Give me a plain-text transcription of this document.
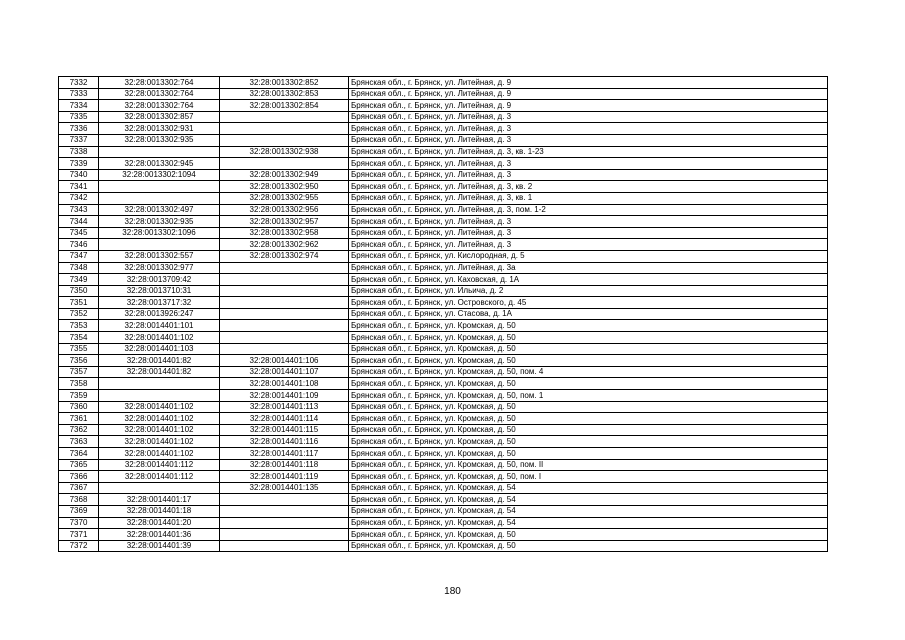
7332	32:28:0013302:764	32:28:0013302:852	Брянская обл., г. Брянск, ул. Литейная, д. 9
7333	32:28:0013302:764	32:28:0013302:853	Брянская обл., г. Брянск, ул. Литейная, д. 9
7334	32:28:0013302:764	32:28:0013302:854	Брянская обл., г. Брянск, ул. Литейная, д. 9
7335	32:28:0013302:857		Брянская обл., г. Брянск, ул. Литейная, д. 3
7336	32:28:0013302:931		Брянская обл., г. Брянск, ул. Литейная, д. 3
7337	32:28:0013302:935		Брянская обл., г. Брянск, ул. Литейная, д. 3
7338		32:28:0013302:938	Брянская обл., г. Брянск, ул. Литейная, д. 3, кв. 1-23
7339	32:28:0013302:945		Брянская обл., г. Брянск, ул. Литейная, д. 3
7340	32:28:0013302:1094	32:28:0013302:949	Брянская обл., г. Брянск, ул. Литейная, д. 3
7341		32:28:0013302:950	Брянская обл., г. Брянск, ул. Литейная, д. 3, кв. 2
7342		32:28:0013302:955	Брянская обл., г. Брянск, ул. Литейная, д. 3, кв. 1
7343	32:28:0013302:497	32:28:0013302:956	Брянская обл., г. Брянск, ул. Литейная, д. 3, пом. 1-2
7344	32:28:0013302:935	32:28:0013302:957	Брянская обл., г. Брянск, ул. Литейная, д. 3
7345	32:28:0013302:1096	32:28:0013302:958	Брянская обл., г. Брянск, ул. Литейная, д. 3
7346		32:28:0013302:962	Брянская обл., г. Брянск, ул. Литейная, д. 3
7347	32:28:0013302:557	32:28:0013302:974	Брянская обл., г. Брянск, ул. Кислородная, д. 5
7348	32:28:0013302:977		Брянская обл., г. Брянск, ул. Литейная, д. 3а
7349	32:28:0013709:42		Брянская обл., г. Брянск, ул. Каховская, д. 1А
7350	32:28:0013710:31		Брянская обл., г. Брянск, ул. Ильича, д. 2
7351	32:28:0013717:32		Брянская обл., г. Брянск, ул. Островского, д. 45
7352	32:28:0013926:247		Брянская обл., г. Брянск, ул. Стасова, д. 1А
7353	32:28:0014401:101		Брянская обл., г. Брянск, ул. Кромская, д. 50
7354	32:28:0014401:102		Брянская обл., г. Брянск, ул. Кромская, д. 50
7355	32:28:0014401:103		Брянская обл., г. Брянск, ул. Кромская, д. 50
7356	32:28:0014401:82	32:28:0014401:106	Брянская обл., г. Брянск, ул. Кромская, д. 50
7357	32:28:0014401:82	32:28:0014401:107	Брянская обл., г. Брянск, ул. Кромская, д. 50, пом. 4
7358		32:28:0014401:108	Брянская обл., г. Брянск, ул. Кромская, д. 50
7359		32:28:0014401:109	Брянская обл., г. Брянск, ул. Кромская, д. 50, пом. 1
7360	32:28:0014401:102	32:28:0014401:113	Брянская обл., г. Брянск, ул. Кромская, д. 50
7361	32:28:0014401:102	32:28:0014401:114	Брянская обл., г. Брянск, ул. Кромская, д. 50
7362	32:28:0014401:102	32:28:0014401:115	Брянская обл., г. Брянск, ул. Кромская, д. 50
7363	32:28:0014401:102	32:28:0014401:116	Брянская обл., г. Брянск, ул. Кромская, д. 50
7364	32:28:0014401:102	32:28:0014401:117	Брянская обл., г. Брянск, ул. Кромская, д. 50
7365	32:28:0014401:112	32:28:0014401:118	Брянская обл., г. Брянск, ул. Кромская, д. 50, пом. II
7366	32:28:0014401:112	32:28:0014401:119	Брянская обл., г. Брянск, ул. Кромская, д. 50, пом. I
7367		32:28:0014401:135	Брянская обл., г. Брянск, ул. Кромская, д. 54
7368	32:28:0014401:17		Брянская обл., г. Брянск, ул. Кромская, д. 54
7369	32:28:0014401:18		Брянская обл., г. Брянск, ул. Кромская, д. 54
7370	32:28:0014401:20		Брянская обл., г. Брянск, ул. Кромская, д. 54
7371	32:28:0014401:36		Брянская обл., г. Брянск, ул. Кромская, д. 50
7372	32:28:0014401:39		Брянская обл., г. Брянск, ул. Кромская, д. 50
180
